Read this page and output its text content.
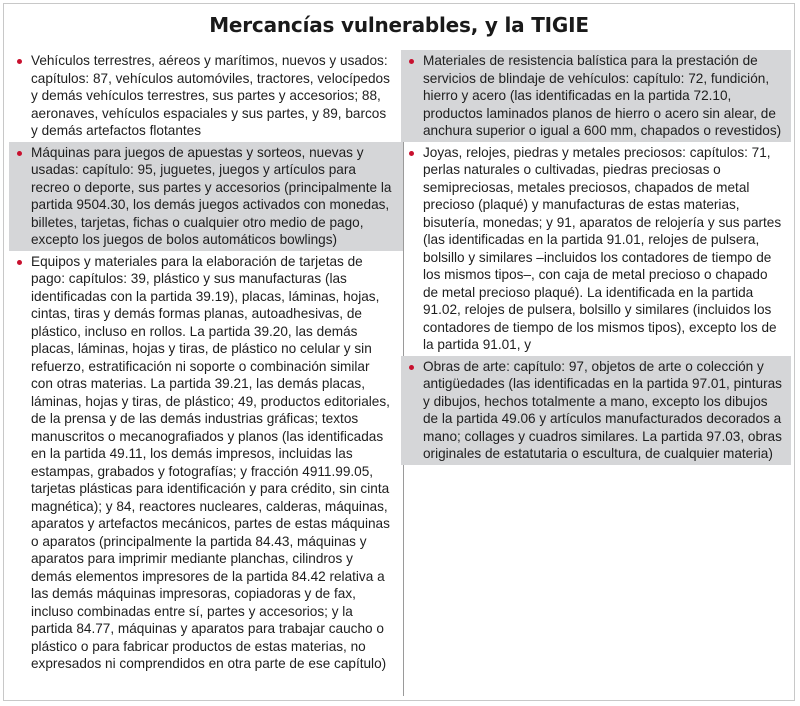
Mercancías vulnerables, y la TIGIE
Vehículos terrestres, aéreos y marítimos, nuevos y usados: capítulos: 87, vehículos automóviles, tractores, velocípedos y demás vehículos terrestres, sus partes y accesorios; 88, aeronaves, vehículos espaciales y sus partes, y 89, barcos y demás artefactos flotantes
Máquinas para juegos de apuestas y sorteos, nuevas y usadas: capítulo: 95, juguetes, juegos y artículos para recreo o deporte, sus partes y accesorios (principalmente la partida 9504.30, los demás juegos activados con monedas, billetes, tarjetas, fichas o cualquier otro medio de pago, excepto los juegos de bolos automáticos bowlings)
Equipos y materiales para la elaboración de tarjetas de pago: capítulos: 39, plástico y sus manufacturas (las identificadas con la partida 39.19), placas, láminas, hojas, cintas, tiras y demás formas planas, autoadhesivas, de plástico, incluso en rollos. La partida 39.20, las demás placas, láminas, hojas y tiras, de plástico no celular y sin refuerzo, estratificación ni soporte o combinación similar con otras materias. La partida 39.21, las demás placas, láminas, hojas y tiras, de plástico; 49, productos editoriales, de la prensa y de las demás industrias gráficas; textos manuscritos o mecanografiados y planos (las identificadas en la partida 49.11, los demás impresos, incluidas las estampas, grabados y fotografías; y fracción 4911.99.05, tarjetas plásticas para identificación y para crédito, sin cinta magnética); y 84, reactores nucleares, calderas, máquinas, aparatos y artefactos mecánicos, partes de estas máquinas o aparatos (principalmente la partida 84.43, máquinas y aparatos para imprimir mediante planchas, cilindros y demás elementos impresores de la partida 84.42 relativa a las demás máquinas impresoras, copiadoras y de fax, incluso combinadas entre sí, partes y accesorios; y la partida 84.77, máquinas y aparatos para trabajar caucho o plástico o para fabricar productos de estas materias, no expresados ni comprendidos en otra parte de ese capítulo)
Materiales de resistencia balística para la prestación de servicios de blindaje de vehículos: capítulo: 72, fundición, hierro y acero (las identificadas en la partida 72.10, productos laminados planos de hierro o acero sin alear, de anchura superior o igual a 600 mm, chapados o revestidos)
Joyas, relojes, piedras y metales preciosos: capítulos: 71, perlas naturales o cultivadas, piedras preciosas o semipreciosas, metales preciosos, chapados de metal precioso (plaqué) y manufacturas de estas materias, bisutería, monedas; y 91, aparatos de relojería y sus partes (las identificadas en la partida 91.01, relojes de pulsera, bolsillo y similares –incluidos los contadores de tiempo de los mismos tipos–, con caja de metal precioso o chapado de metal precioso plaqué). La identificada en la partida 91.02, relojes de pulsera, bolsillo y similares (incluidos los contadores de tiempo de los mismos tipos), excepto los de la partida 91.01, y
Obras de arte: capítulo: 97, objetos de arte o colección y antigüedades (las identificadas en la partida 97.01, pinturas y dibujos, hechos totalmente a mano, excepto los dibujos de la partida 49.06 y artículos manufacturados decorados a mano; collages y cuadros similares. La partida 97.03, obras originales de estatutaria o escultura, de cualquier materia)
